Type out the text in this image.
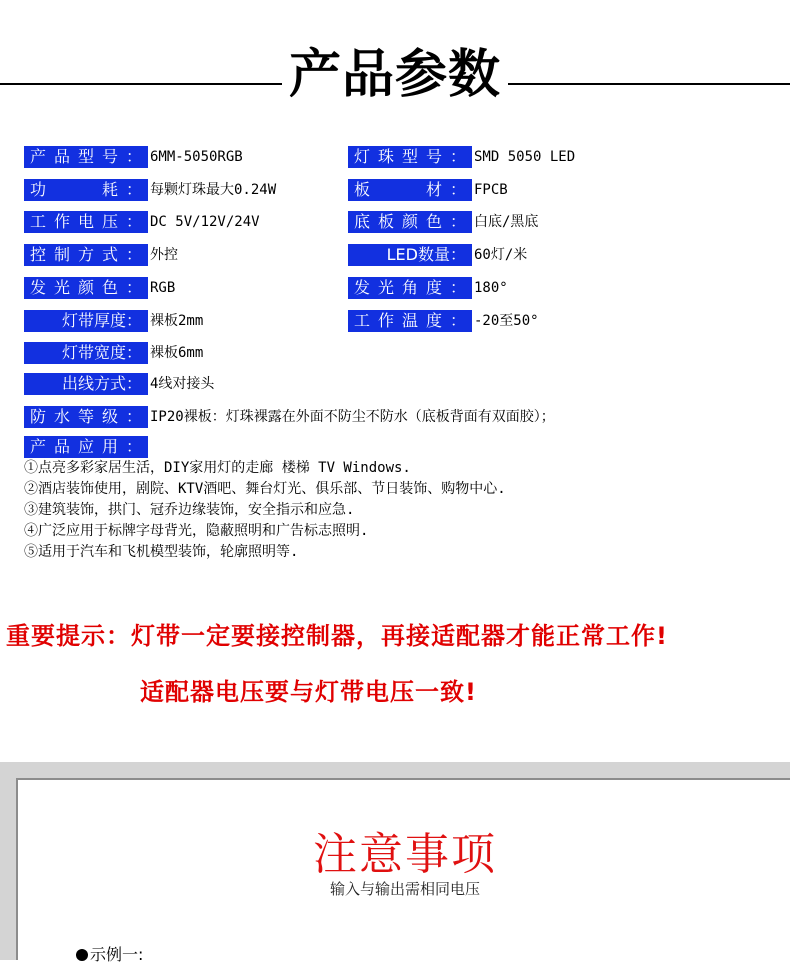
产品参数
产品型号： 6MM-5050RGB
功　　耗： 每颗灯珠最大0.24W
工作电压： DC 5V/12V/24V
控制方式： 外控
发光颜色： RGB
灯带厚度： 裸板2mm
灯带宽度： 裸板6mm
出线方式： 4线对接头
防水等级： IP20裸板：灯珠裸露在外面不防尘不防水（底板背面有双面胶）；
灯珠型号： SMD 5050 LED
板　　材： FPCB
底板颜色： 白底/黑底
LED数量： 60灯/米
发光角度： 180°
工作温度： -20至50°
产品应用：
①点亮多彩家居生活，DIY家用灯的走廊 楼梯 TV Windows.
②酒店装饰使用，剧院、KTV酒吧、舞台灯光、俱乐部、节日装饰、购物中心.
③建筑装饰，拱门、冠乔边缘装饰，安全指示和应急.
④广泛应用于标牌字母背光，隐蔽照明和广告标志照明.
⑤适用于汽车和飞机模型装饰，轮廓照明等.
重要提示：灯带一定要接控制器，再接适配器才能正常工作!
适配器电压要与灯带电压一致!
注意事项
输入与输出需相同电压
示例一:
